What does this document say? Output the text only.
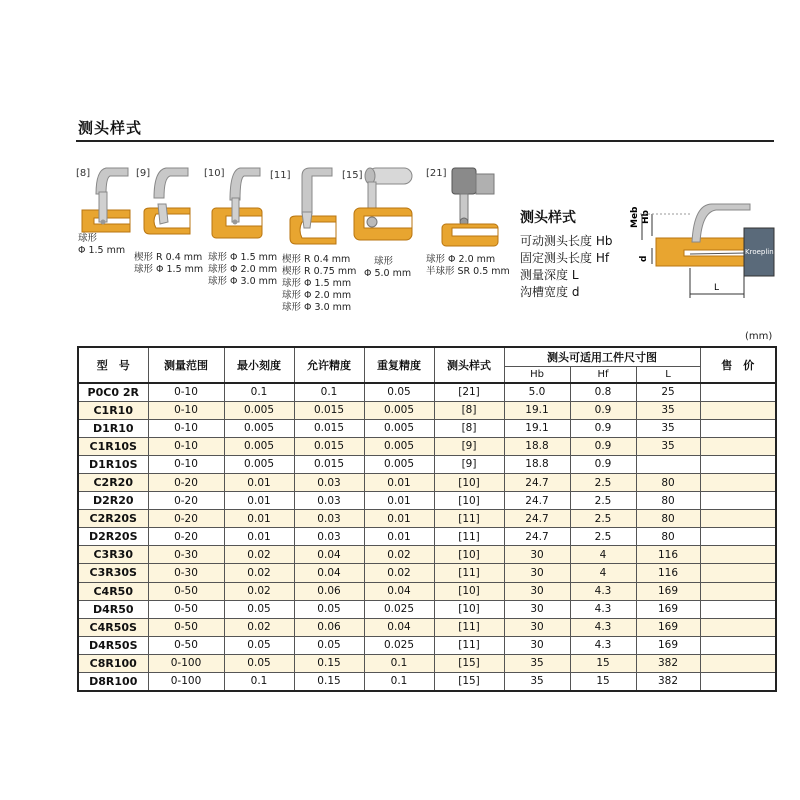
测头样式
[8]
球形
Φ 1.5 mm
[9]
楔形 R 0.4 mm
球形 Φ 1.5 mm
[10]
球形 Φ 1.5 mm
球形 Φ 2.0 mm
球形 Φ 3.0 mm
[11]
楔形 R 0.4 mm
楔形 R 0.75 mm
球形 Φ 1.5 mm
球形 Φ 2.0 mm
球形 Φ 3.0 mm
[15]
球形
Φ 5.0 mm
[21]
球形 Φ 2.0 mm
半球形 SR 0.5 mm
测头样式
可动测头长度 Hb
固定测头长度 Hf
测量深度 L
沟槽宽度 d
Meb Hb
d
Kroeplin
L
(mm)
型　号	测量范围	最小刻度	允许精度	重复精度	测头样式	测头可适用工件尺寸图			售　价
						Hb	Hf	L	
P0C0 2R	0-10	0.1	0.1	0.05	[21]	5.0	0.8	25	
C1R10	0-10	0.005	0.015	0.005	[8]	19.1	0.9	35	
D1R10	0-10	0.005	0.015	0.005	[8]	19.1	0.9	35	
C1R10S	0-10	0.005	0.015	0.005	[9]	18.8	0.9	35	
D1R10S	0-10	0.005	0.015	0.005	[9]	18.8	0.9		
C2R20	0-20	0.01	0.03	0.01	[10]	24.7	2.5	80	
D2R20	0-20	0.01	0.03	0.01	[10]	24.7	2.5	80	
C2R20S	0-20	0.01	0.03	0.01	[11]	24.7	2.5	80	
D2R20S	0-20	0.01	0.03	0.01	[11]	24.7	2.5	80	
C3R30	0-30	0.02	0.04	0.02	[10]	30	4	116	
C3R30S	0-30	0.02	0.04	0.02	[11]	30	4	116	
C4R50	0-50	0.02	0.06	0.04	[10]	30	4.3	169	
D4R50	0-50	0.05	0.05	0.025	[10]	30	4.3	169	
C4R50S	0-50	0.02	0.06	0.04	[11]	30	4.3	169	
D4R50S	0-50	0.05	0.05	0.025	[11]	30	4.3	169	
C8R100	0-100	0.05	0.15	0.1	[15]	35	15	382	
D8R100	0-100	0.1	0.15	0.1	[15]	35	15	382	
